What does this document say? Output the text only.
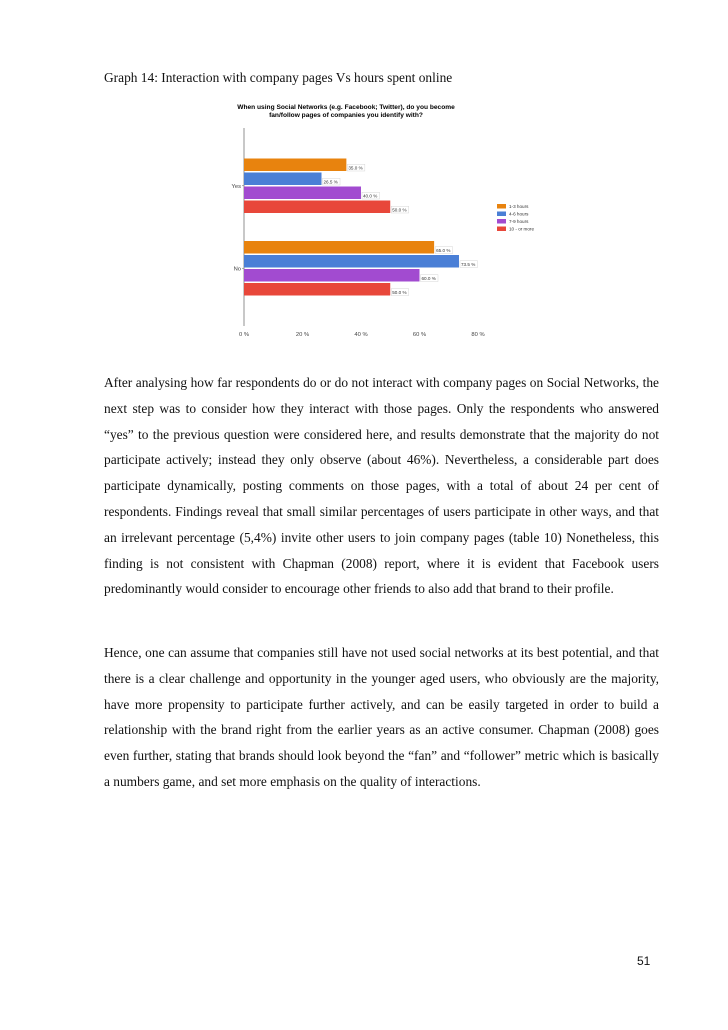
Graph 14: Interaction with company pages Vs hours spent online
When using Social Networks (e.g. Facebook; Twitter), do you become
fan/follow pages of companies you identify with?
0 %	20 %	40 %	60 %	80 %
Yes
35.0 %
26.5 %
40.0 %
50.0 %
No
65.0 %
73.5 %
60.0 %
50.0 %
1-3 hours
4-6 hours
7-9 hours
10 - or more

After analysing how far respondents do or do not interact with company pages on Social Networks, the next step was to consider how they interact with those pages. Only the respondents who answered “yes” to the previous question were considered here, and results demonstrate that the majority do not participate actively; instead they only observe (about 46%). Nevertheless, a considerable part does participate dynamically, posting comments on those pages, with a total of about 24 per cent of respondents. Findings reveal that small similar percentages of users participate in other ways, and that an irrelevant percentage (5,4%) invite other users to join company pages (table 10) Nonetheless, this finding is not consistent with Chapman (2008) report, where it is evident that Facebook users predominantly would consider to encourage other friends to also add that brand to their profile.

Hence, one can assume that companies still have not used social networks at its best potential, and that there is a clear challenge and opportunity in the younger aged users, who obviously are the majority, have more propensity to participate further actively, and can be easily targeted in order to build a relationship with the brand right from the earlier years as an active consumer. Chapman (2008) goes even further, stating that brands should look beyond the “fan” and “follower” metric which is basically a numbers game, and set more emphasis on the quality of interactions.

51
